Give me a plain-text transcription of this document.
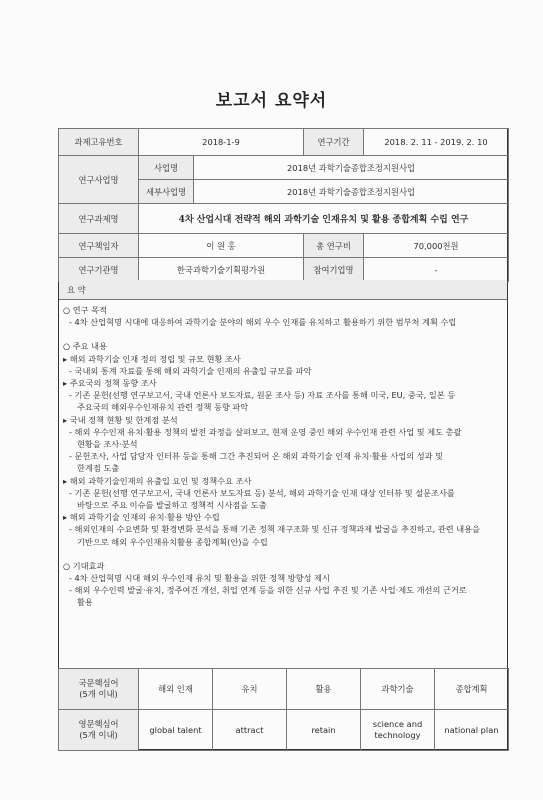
보고서 요약서
과제고유번호	2018-1-9		연구기간	2018. 2. 11 - 2019. 2. 10
연구사업명	사업명	2018년 과학기술종합조정지원사업		
	세부사업명	2018년 과학기술종합조정지원사업		
연구과제명	4차 산업시대 전략적 해외 과학기술 인재유치 및 활용 종합계획 수립 연구			
연구책임자	이 원 홍		총 연구비	70,000천원
연구기관명	한국과학기술기획평가원		참여기업명	-
요 약

○ 연구 목적

- 4차 산업혁명 시대에 대응하여 과학기술 분야의 해외 우수 인재를 유치하고 활용하기 위한 범부처 계획 수립

○ 주요 내용

▸ 해외 과학기술 인재 정의 정립 및 규모 현황 조사

- 국내외 통계 자료를 통해 해외 과학기술 인재의 유출입 규모를 파악

▸ 주요국의 정책 동향 조사

- 기존 문헌(선행 연구보고서, 국내 언론사 보도자료, 원문 조사 등) 자료 조사를 통해 미국, EU, 중국, 일본 등

주요국의 해외우수인재유치 관련 정책 동향 파악

▸ 국내 정책 현황 및 한계점 분석

- 해외 우수인재 유치·활용 정책의 발전 과정을 살펴보고, 현재 운영 중인 해외 우수인재 관련 사업 및 제도 총괄

현황을 조사·분석

- 문헌조사, 사업 담당자 인터뷰 등을 통해 그간 추진되어 온 해외 과학기술 인재 유치·활용 사업의 성과 및

한계점 도출

▸ 해외 과학기술인재의 유출입 요인 및 정책수요 조사

- 기존 문헌(선행 연구보고서, 국내 언론사 보도자료 등) 분석, 해외 과학기술 인재 대상 인터뷰 및 설문조사를

바탕으로 주요 이슈를 발굴하고 정책적 시사점을 도출

▸ 해외 과학기술 인재의 유치·활용 방안 수립

- 해외인재의 수요변화 및 환경변화 분석을 통해 기존 정책 재구조화 및 신규 정책과제 발굴을 추진하고, 관련 내용을

기반으로 해외 우수인재유치활용 종합계획(안)을 수립

○ 기대효과

- 4차 산업혁명 시대 해외 우수인재 유치 및 활용을 위한 정책 방향성 제시

- 해외 우수인력 발굴·유치, 정주여건 개선, 취업 연계 등을 위한 신규 사업 추진 및 기존 사업·제도 개선의 근거로

활용

국문핵심어
(5개 이내)	해외 인재	유치	활용	과학기술	종합계획
영문핵심어
(5개 이내)	global talent	attract	retain	science and technology	national plan
